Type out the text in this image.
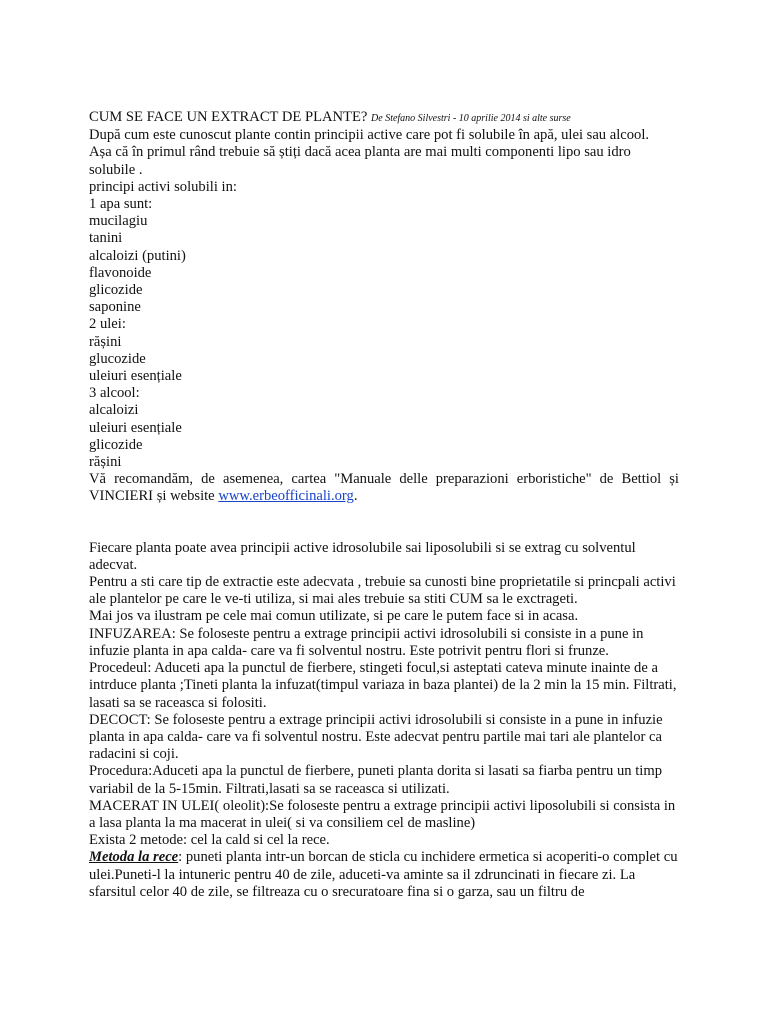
CUM SE FACE UN EXTRACT DE PLANTE? De Stefano Silvestri - 10 aprilie 2014 si alte surse
După cum este cunoscut plante contin principii active care pot fi solubile în apă, ulei sau alcool.
Așa că în primul rând trebuie să știți dacă acea planta are mai multi componenti lipo sau idro solubile .
principi activi solubili in:
1 apa sunt:
mucilagiu
tanini
alcaloizi (putini)
flavonoide
glicozide
saponine
2 ulei:
rășini
glucozide
uleiuri esențiale
3 alcool:
alcaloizi
uleiuri esențiale
glicozide
rășini
Vă recomandăm, de asemenea, cartea "Manuale delle preparazioni erboristiche" de Bettiol și VINCIERI și website www.erbeofficinali.org.
Fiecare planta poate avea principii active idrosolubile sai liposolubili si se extrag cu solventul adecvat.
Pentru a sti care tip de extractie este adecvata , trebuie sa cunosti bine proprietatile si princpali activi ale plantelor pe care le ve-ti utiliza, si mai ales trebuie sa stiti CUM sa le exctrageti.
Mai jos va ilustram pe cele mai comun utilizate, si pe care le putem face si in acasa.
INFUZAREA: Se foloseste pentru a extrage principii activi idrosolubili si consiste in a pune in infuzie planta in apa calda- care va fi solventul nostru. Este potrivit pentru flori si frunze.
Procedeul: Aduceti apa la punctul de fierbere, stingeti focul,si asteptati cateva minute inainte de a intrduce planta ;Tineti planta la infuzat(timpul variaza in baza plantei) de la 2 min la 15 min. Filtrati, lasati sa se raceasca si folositi.
DECOCT: Se foloseste pentru a extrage principii activi idrosolubili si consiste in a pune in infuzie planta in apa calda- care va fi solventul nostru. Este adecvat pentru partile mai tari ale plantelor ca radacini si coji.
Procedura:Aduceti apa la punctul de fierbere, puneti planta dorita si lasati sa fiarba pentru un timp variabil de la 5-15min. Filtrati,lasati sa se raceasca si utilizati.
MACERAT IN ULEI( oleolit):Se foloseste pentru a extrage principii activi liposolubili si consista in a lasa planta la ma macerat in ulei( si va consiliem cel de masline)
Exista 2 metode: cel la cald si cel la rece.
Metoda la rece: puneti planta intr-un borcan de sticla cu inchidere ermetica si acoperiti-o complet cu ulei.Puneti-l la intuneric pentru 40 de zile, aduceti-va aminte sa il zdruncinati in fiecare zi. La sfarsitul celor 40 de zile, se filtreaza cu o srecuratoare fina si o garza, sau un filtru de
